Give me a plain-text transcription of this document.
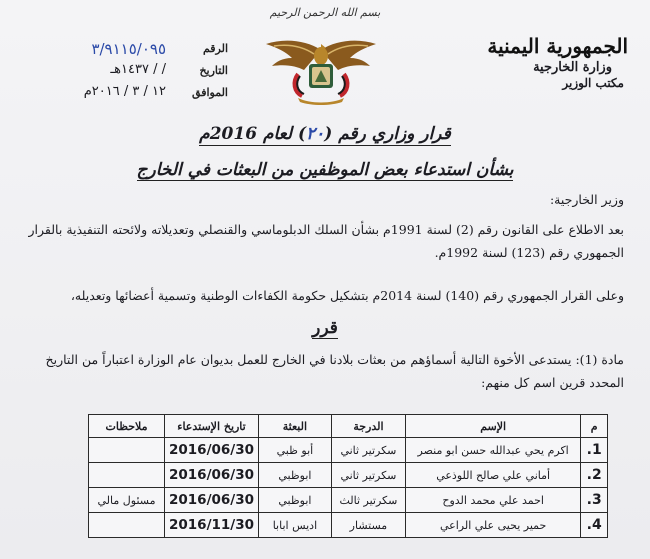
بسم الله الرحمن الرحيم
الجمهورية اليمنية
وزارة الخارجية
مكتب الوزير
الرقم
٣/٩١١٥/٠٩٥
التاريخ
/ / ١٤٣٧هـ
الموافق
١٢ / ٣ / ٢٠١٦م
قرار وزاري رقم (٢٠) لعام 2016م
بشأن استدعاء بعض الموظفين من البعثات في الخارج
وزير الخارجية:
بعد الاطلاع على القانون رقم (2) لسنة 1991م بشأن السلك الدبلوماسي والقنصلي وتعديلاته ولائحته التنفيذية بالقرار الجمهوري رقم (123) لسنة 1992م.
وعلى القرار الجمهوري رقم (140) لسنة 2014م بتشكيل حكومة الكفاءات الوطنية وتسمية أعضائها وتعديله،
قرر
مادة (1): يستدعى الأخوة التالية أسماؤهم من بعثات بلادنا في الخارج للعمل بديوان عام الوزارة اعتباراً من التاريخ المحدد قرين اسم كل منهم:
م	الإسم	الدرجة	البعثة	تاريخ الإستدعاء	ملاحظات
1.	اكرم يحي عبدالله حسن ابو منصر	سكرتير ثاني	أبو ظبي	2016/06/30	
2.	أماني علي صالح اللوذعي	سكرتير ثاني	ابوظبي	2016/06/30	
3.	احمد علي محمد الدوح	سكرتير ثالث	ابوظبي	2016/06/30	مسئول مالي
4.	حمير يحيى علي الراعي	مستشار	اديس ابابا	2016/11/30	
